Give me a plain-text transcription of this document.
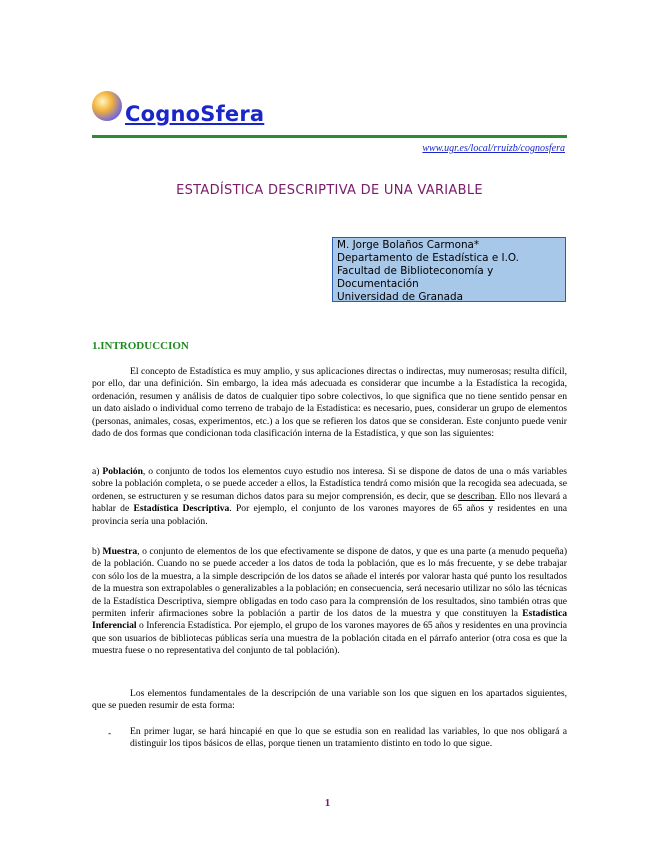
CognoSfera
www.ugr.es/local/rruizb/cognosfera
ESTADÍSTICA DESCRIPTIVA DE UNA VARIABLE
M. Jorge Bolaños Carmona*
Departamento de Estadística e I.O.
Facultad de Biblioteconomía y
Documentación
Universidad de Granada
1.INTRODUCCION
El concepto de Estadística es muy amplio, y sus aplicaciones directas o indirectas, muy numerosas; resulta difícil, por ello, dar una definición. Sin embargo, la idea más adecuada es considerar que incumbe a la Estadística la recogida, ordenación, resumen y análisis de datos de cualquier tipo sobre colectivos, lo que significa que no tiene sentido pensar en un dato aislado o individual como terreno de trabajo de la Estadística: es necesario, pues, considerar un grupo de elementos (personas, animales, cosas, experimentos, etc.) a los que se refieren los datos que se consideran. Este conjunto puede venir dado de dos formas que condicionan toda clasificación interna de la Estadística, y que son las siguientes:
a) Población, o conjunto de todos los elementos cuyo estudio nos interesa. Si se dispone de datos de una o más variables sobre la población completa, o se puede acceder a ellos, la Estadística tendrá como misión que la recogida sea adecuada, se ordenen, se estructuren y se resuman dichos datos para su mejor comprensión, es decir, que se describan. Ello nos llevará a hablar de Estadística Descriptiva. Por ejemplo, el conjunto de los varones mayores de 65 años y residentes en una provincia sería una población.
b) Muestra, o conjunto de elementos de los que efectivamente se dispone de datos, y que es una parte (a menudo pequeña) de la población. Cuando no se puede acceder a los datos de toda la población, que es lo más frecuente, y se debe trabajar con sólo los de la muestra, a la simple descripción de los datos se añade el interés por valorar hasta qué punto los resultados de la muestra son extrapolables o generalizables a la población; en consecuencia, será necesario utilizar no sólo las técnicas de la Estadística Descriptiva, siempre obligadas en todo caso para la comprensión de los resultados, sino también otras que permiten inferir afirmaciones sobre la población a partir de los datos de la muestra y que constituyen la Estadística Inferencial o Inferencia Estadística. Por ejemplo, el grupo de los varones mayores de 65 años y residentes en una provincia que son usuarios de bibliotecas públicas sería una muestra de la población citada en el párrafo anterior (otra cosa es que la muestra fuese o no representativa del conjunto de tal población).
Los elementos fundamentales de la descripción de una variable son los que siguen en los apartados siguientes, que se pueden resumir de esta forma:
- En primer lugar, se hará hincapié en que lo que se estudia son en realidad las variables, lo que nos obligará a distinguir los tipos básicos de ellas, porque tienen un tratamiento distinto en todo lo que sigue.
1
